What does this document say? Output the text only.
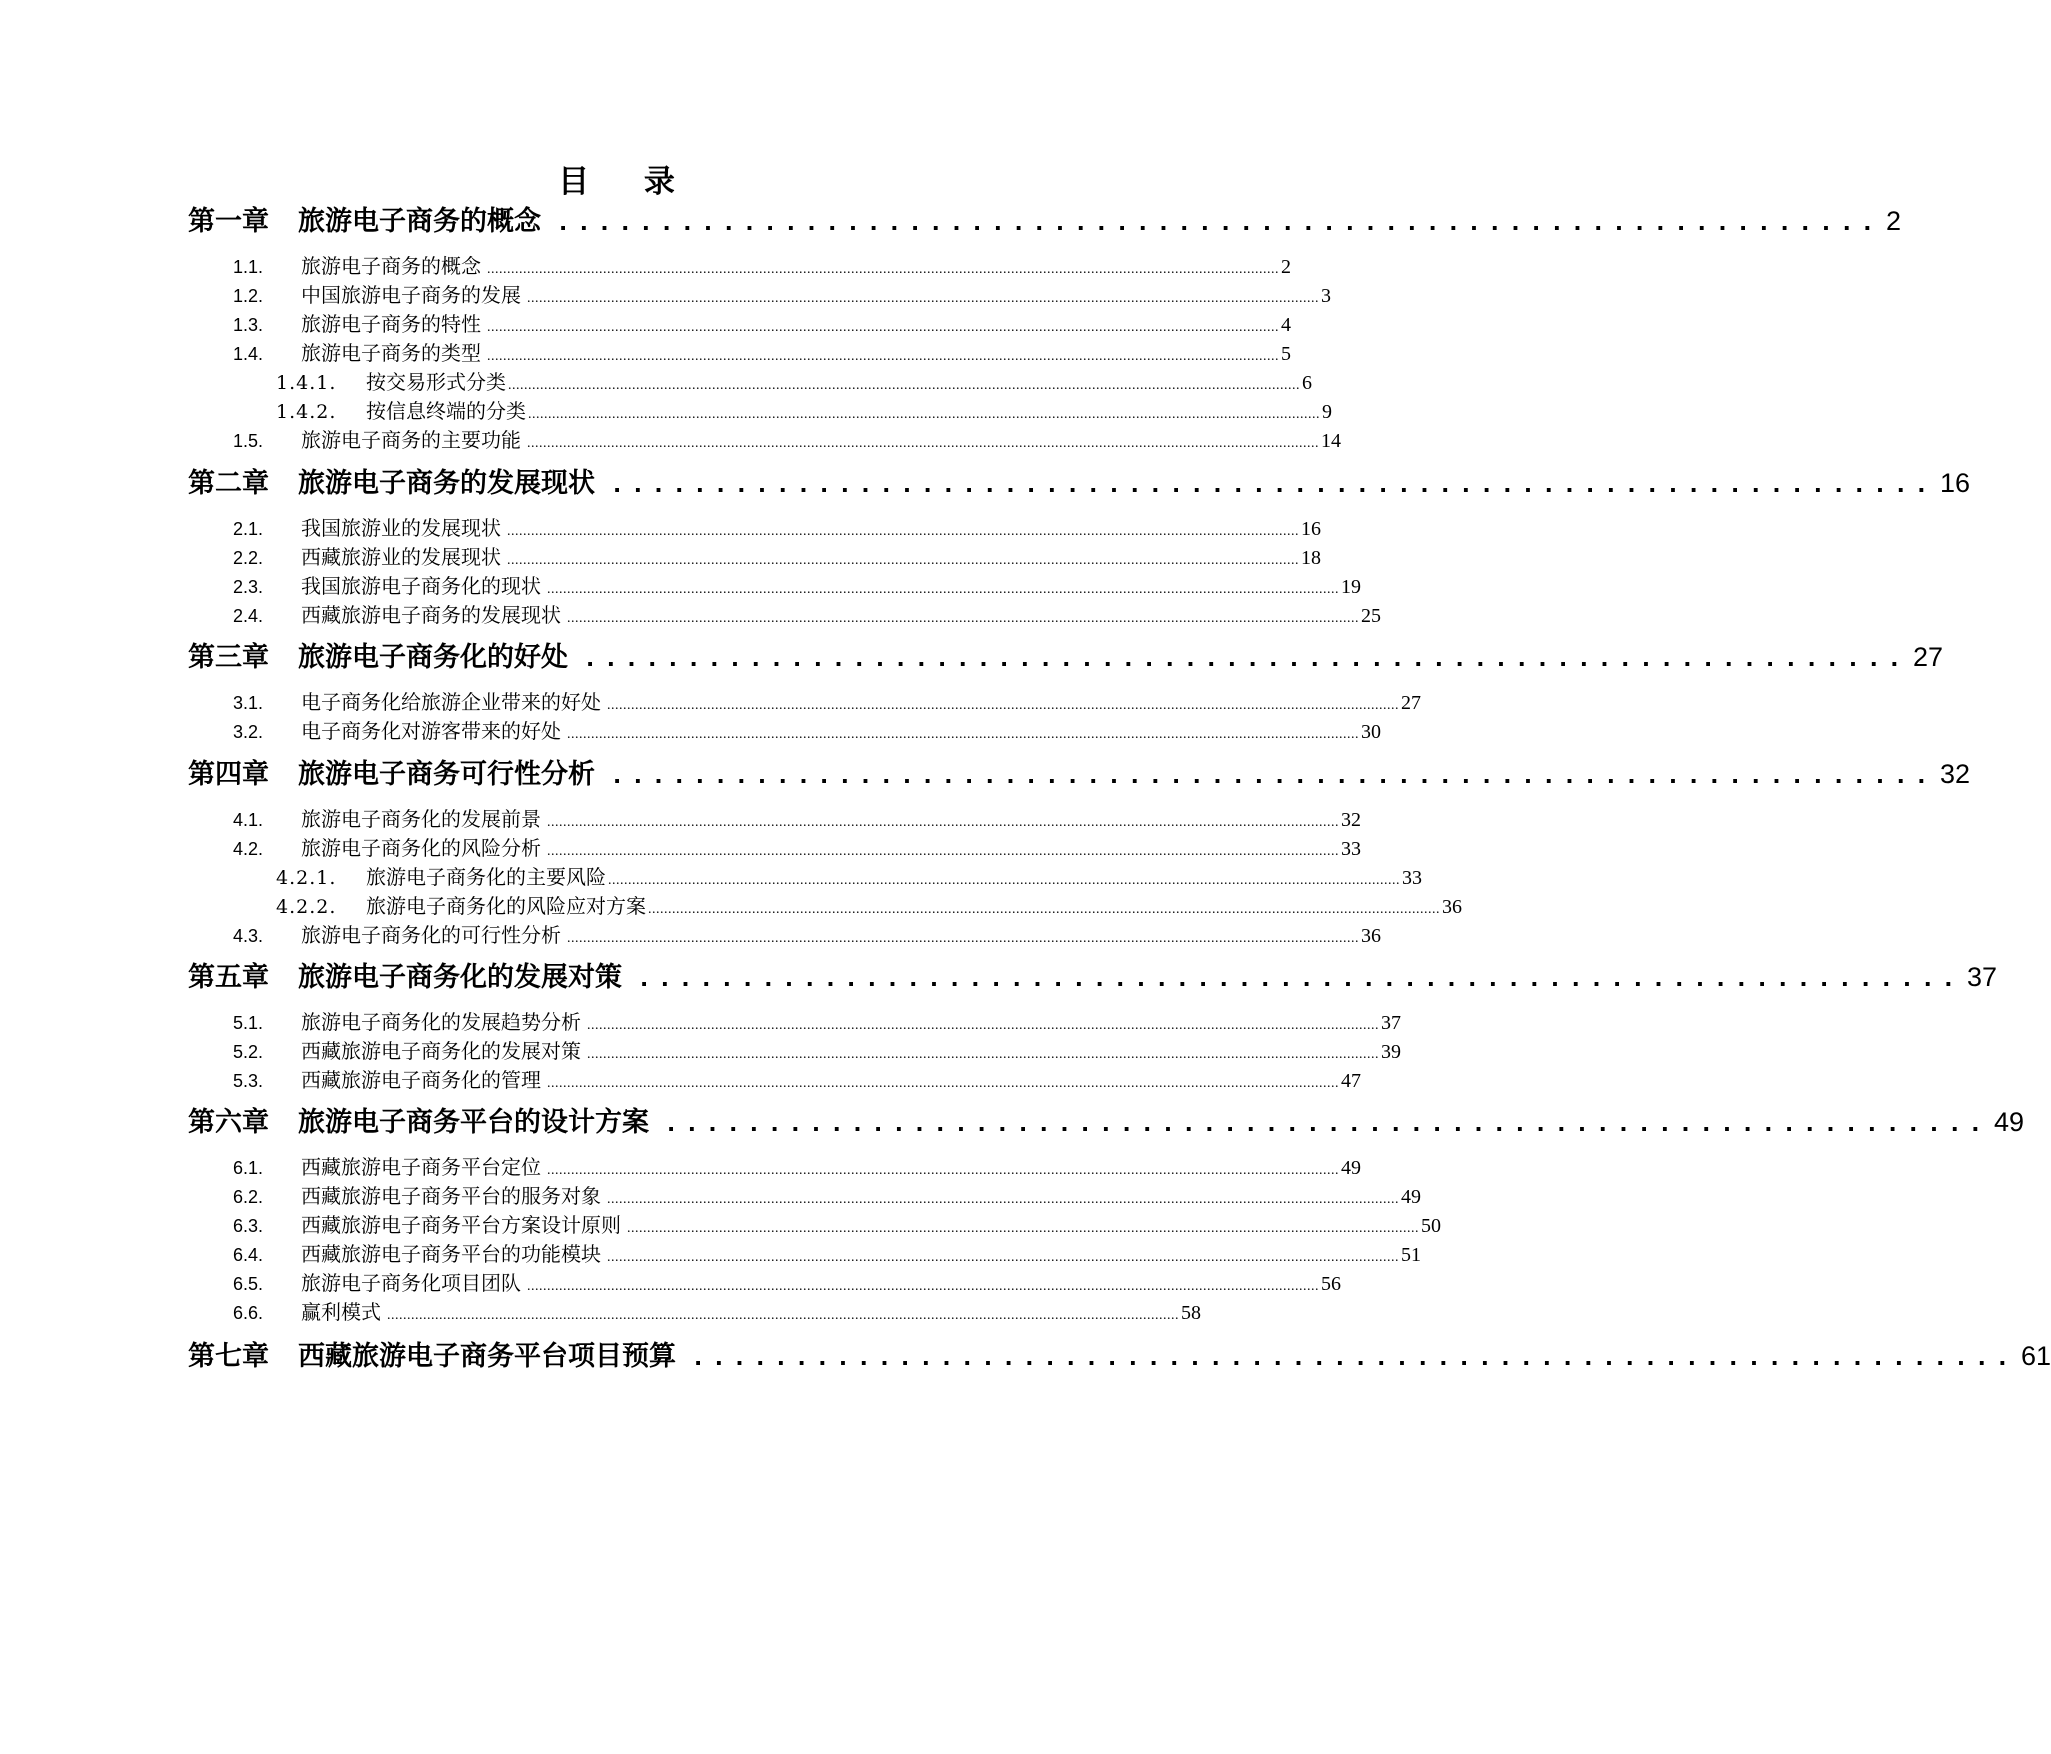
目 录
第一章	旅游电子商务的概念 ................................................................ 2
1.1.	旅游电子商务的概念 ...................................................................................................................................................................................................... 2
1.2.	中国旅游电子商务的发展 ...................................................................................................................................................................................................... 3
1.3.	旅游电子商务的特性 ...................................................................................................................................................................................................... 4
1.4.	旅游电子商务的类型 ...................................................................................................................................................................................................... 5
1.4.1.	按交易形式分类 ...................................................................................................................................................................................................... 6
1.4.2.	按信息终端的分类 ...................................................................................................................................................................................................... 9
1.5.	旅游电子商务的主要功能 ...................................................................................................................................................................................................... 14
第二章	旅游电子商务的发展现状 ................................................................ 16
2.1.	我国旅游业的发展现状 ...................................................................................................................................................................................................... 16
2.2.	西藏旅游业的发展现状 ...................................................................................................................................................................................................... 18
2.3.	我国旅游电子商务化的现状 ...................................................................................................................................................................................................... 19
2.4.	西藏旅游电子商务的发展现状 ...................................................................................................................................................................................................... 25
第三章	旅游电子商务化的好处 ................................................................ 27
3.1.	电子商务化给旅游企业带来的好处 ...................................................................................................................................................................................................... 27
3.2.	电子商务化对游客带来的好处 ...................................................................................................................................................................................................... 30
第四章	旅游电子商务可行性分析 ................................................................ 32
4.1.	旅游电子商务化的发展前景 ...................................................................................................................................................................................................... 32
4.2.	旅游电子商务化的风险分析 ...................................................................................................................................................................................................... 33
4.2.1.	旅游电子商务化的主要风险 ...................................................................................................................................................................................................... 33
4.2.2.	旅游电子商务化的风险应对方案 ...................................................................................................................................................................................................... 36
4.3.	旅游电子商务化的可行性分析 ...................................................................................................................................................................................................... 36
第五章	旅游电子商务化的发展对策 ................................................................ 37
5.1.	旅游电子商务化的发展趋势分析 ...................................................................................................................................................................................................... 37
5.2.	西藏旅游电子商务化的发展对策 ...................................................................................................................................................................................................... 39
5.3.	西藏旅游电子商务化的管理 ...................................................................................................................................................................................................... 47
第六章	旅游电子商务平台的设计方案 ................................................................ 49
6.1.	西藏旅游电子商务平台定位 ...................................................................................................................................................................................................... 49
6.2.	西藏旅游电子商务平台的服务对象 ...................................................................................................................................................................................................... 49
6.3.	西藏旅游电子商务平台方案设计原则 ...................................................................................................................................................................................................... 50
6.4.	西藏旅游电子商务平台的功能模块 ...................................................................................................................................................................................................... 51
6.5.	旅游电子商务化项目团队 ...................................................................................................................................................................................................... 56
6.6.	赢利模式 ...................................................................................................................................................................................................... 58
第七章	西藏旅游电子商务平台项目预算 ................................................................ 61
